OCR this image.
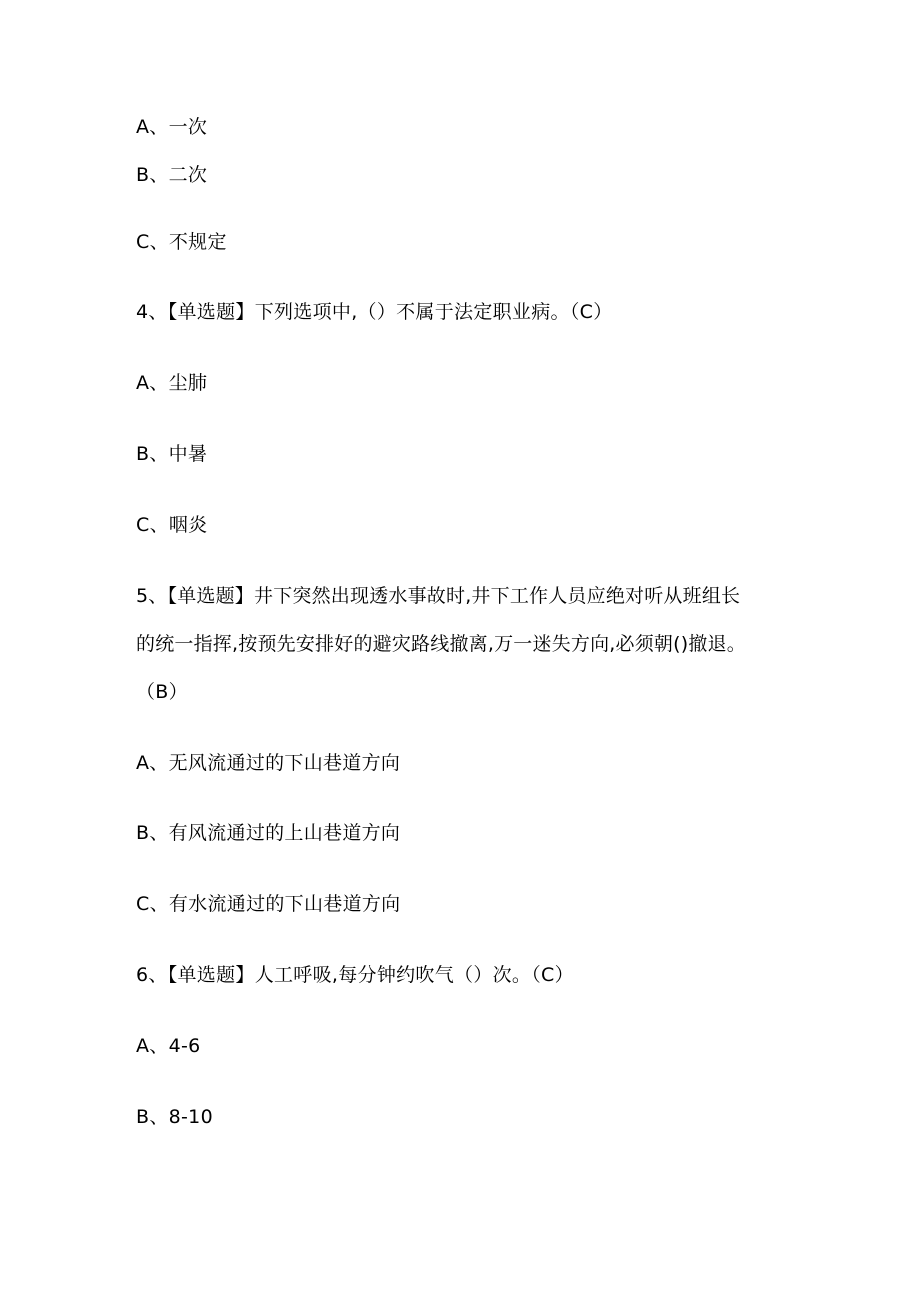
A、一次
B、二次
C、不规定
4、【单选题】下列选项中,（）不属于法定职业病。（C）
A、尘肺
B、中暑
C、咽炎
5、【单选题】井下突然出现透水事故时,井下工作人员应绝对听从班组长
的统一指挥,按预先安排好的避灾路线撤离,万一迷失方向,必须朝()撤退。
（B）
A、无风流通过的下山巷道方向
B、有风流通过的上山巷道方向
C、有水流通过的下山巷道方向
6、【单选题】人工呼吸,每分钟约吹气（）次。（C）
A、4-6
B、8-10
